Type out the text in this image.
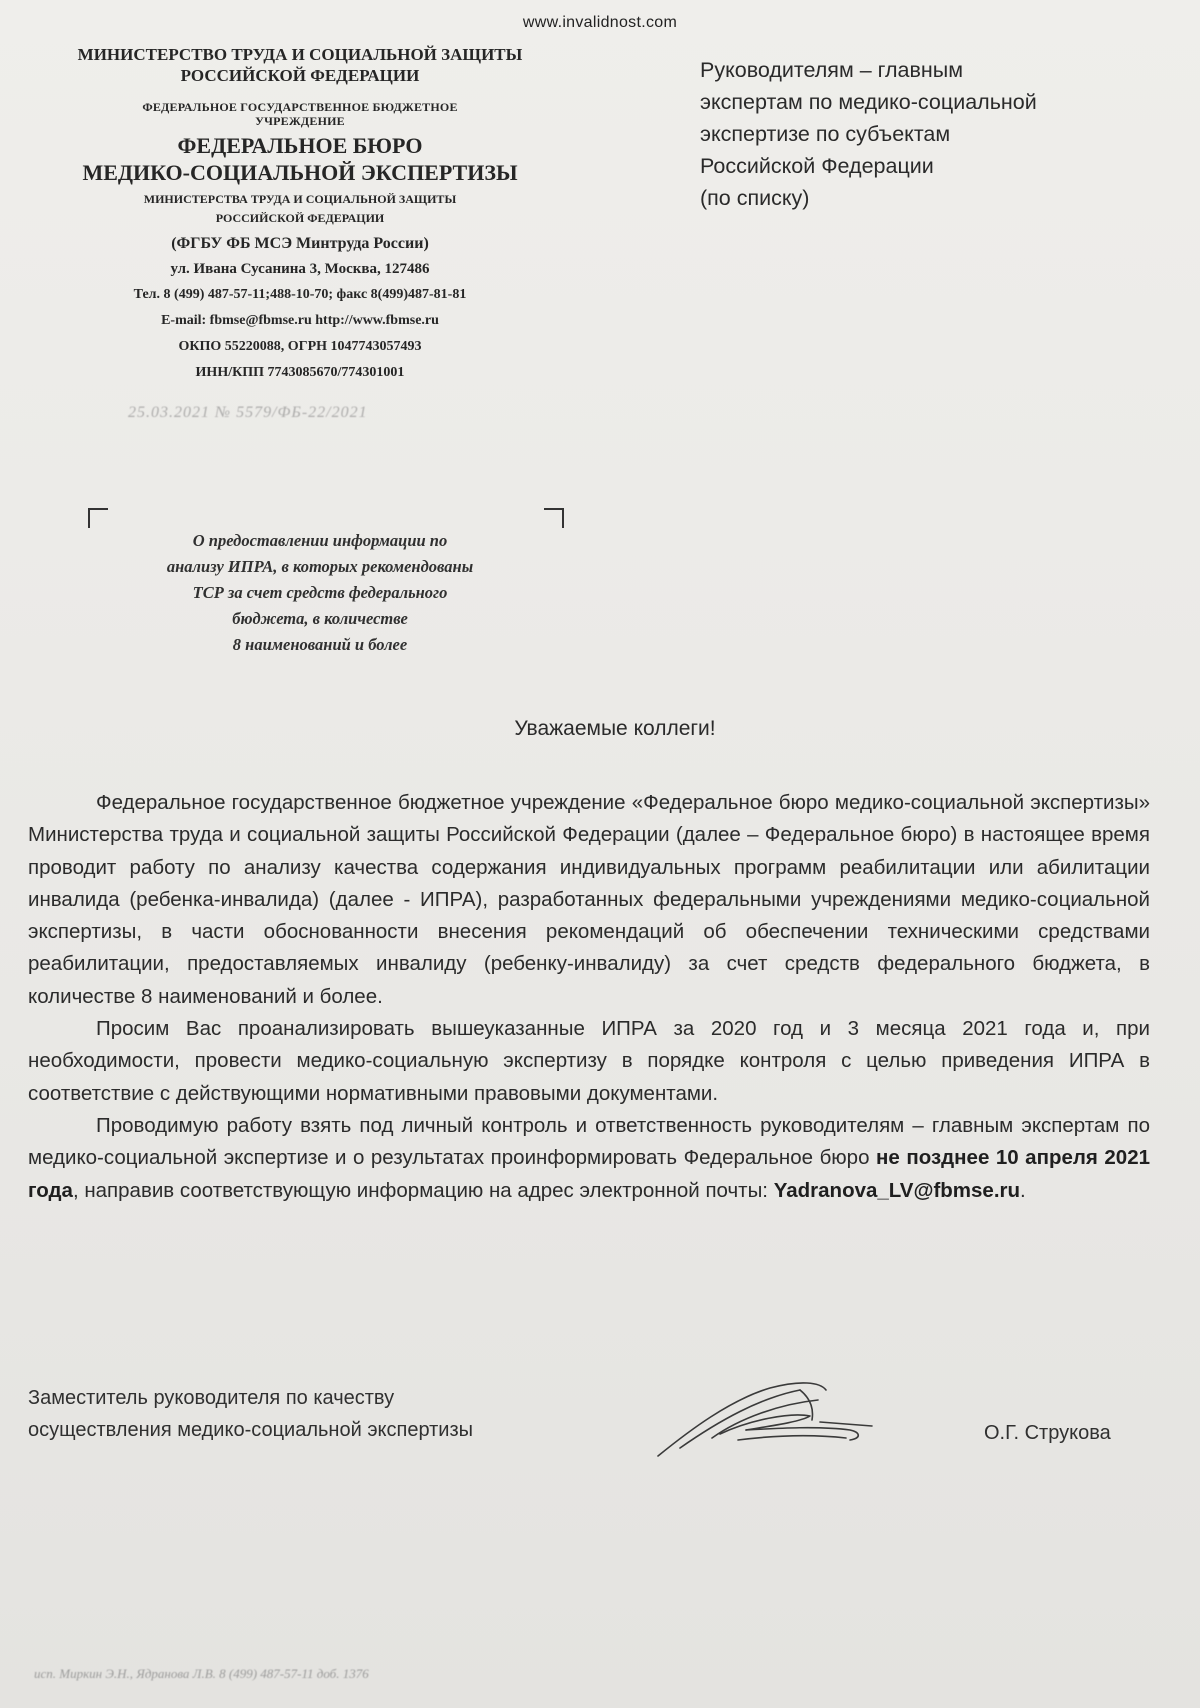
www.invalidnost.com
МИНИСТЕРСТВО ТРУДА И СОЦИАЛЬНОЙ ЗАЩИТЫ
РОССИЙСКОЙ ФЕДЕРАЦИИ
ФЕДЕРАЛЬНОЕ ГОСУДАРСТВЕННОЕ БЮДЖЕТНОЕ
УЧРЕЖДЕНИЕ
ФЕДЕРАЛЬНОЕ БЮРО
МЕДИКО-СОЦИАЛЬНОЙ ЭКСПЕРТИЗЫ
МИНИСТЕРСТВА ТРУДА И СОЦИАЛЬНОЙ ЗАЩИТЫ
РОССИЙСКОЙ ФЕДЕРАЦИИ
(ФГБУ ФБ МСЭ Минтруда России)
ул. Ивана Сусанина 3, Москва, 127486
Тел. 8 (499) 487-57-11;488-10-70; факс 8(499)487-81-81
E-mail: fbmse@fbmse.ru http://www.fbmse.ru
ОКПО 55220088, ОГРН 1047743057493
ИНН/КПП 7743085670/774301001
25.03.2021 № 5579/ФБ-22/2021
Руководителям – главным
экспертам по медико-социальной
экспертизе по субъектам
Российской Федерации
(по списку)
О предоставлении информации по
анализу ИПРА, в которых рекомендованы
ТСР за счет средств федерального
бюджета, в количестве
8 наименований и более
Уважаемые коллеги!

Федеральное государственное бюджетное учреждение «Федеральное бюро медико-социальной экспертизы» Министерства труда и социальной защиты Российской Федерации (далее – Федеральное бюро) в настоящее время проводит работу по анализу качества содержания индивидуальных программ реабилитации или абилитации инвалида (ребенка-инвалида) (далее - ИПРА), разработанных федеральными учреждениями медико-социальной экспертизы, в части обоснованности внесения рекомендаций об обеспечении техническими средствами реабилитации, предоставляемых инвалиду (ребенку-инвалиду) за счет средств федерального бюджета, в количестве 8 наименований и более.

Просим Вас проанализировать вышеуказанные ИПРА за 2020 год и 3 месяца 2021 года и, при необходимости, провести медико-социальную экспертизу в порядке контроля с целью приведения ИПРА в соответствие с действующими нормативными правовыми документами.

Проводимую работу взять под личный контроль и ответственность руководителям – главным экспертам по медико-социальной экспертизе и о результатах проинформировать Федеральное бюро не позднее 10 апреля 2021 года, направив соответствующую информацию на адрес электронной почты: Yadranova_LV@fbmse.ru.

Заместитель руководителя по качеству
осуществления медико-социальной экспертизы	О.Г. Струкова
исп. Миркин Э.Н., Ядранова Л.В. 8 (499) 487-57-11 доб. 1376
